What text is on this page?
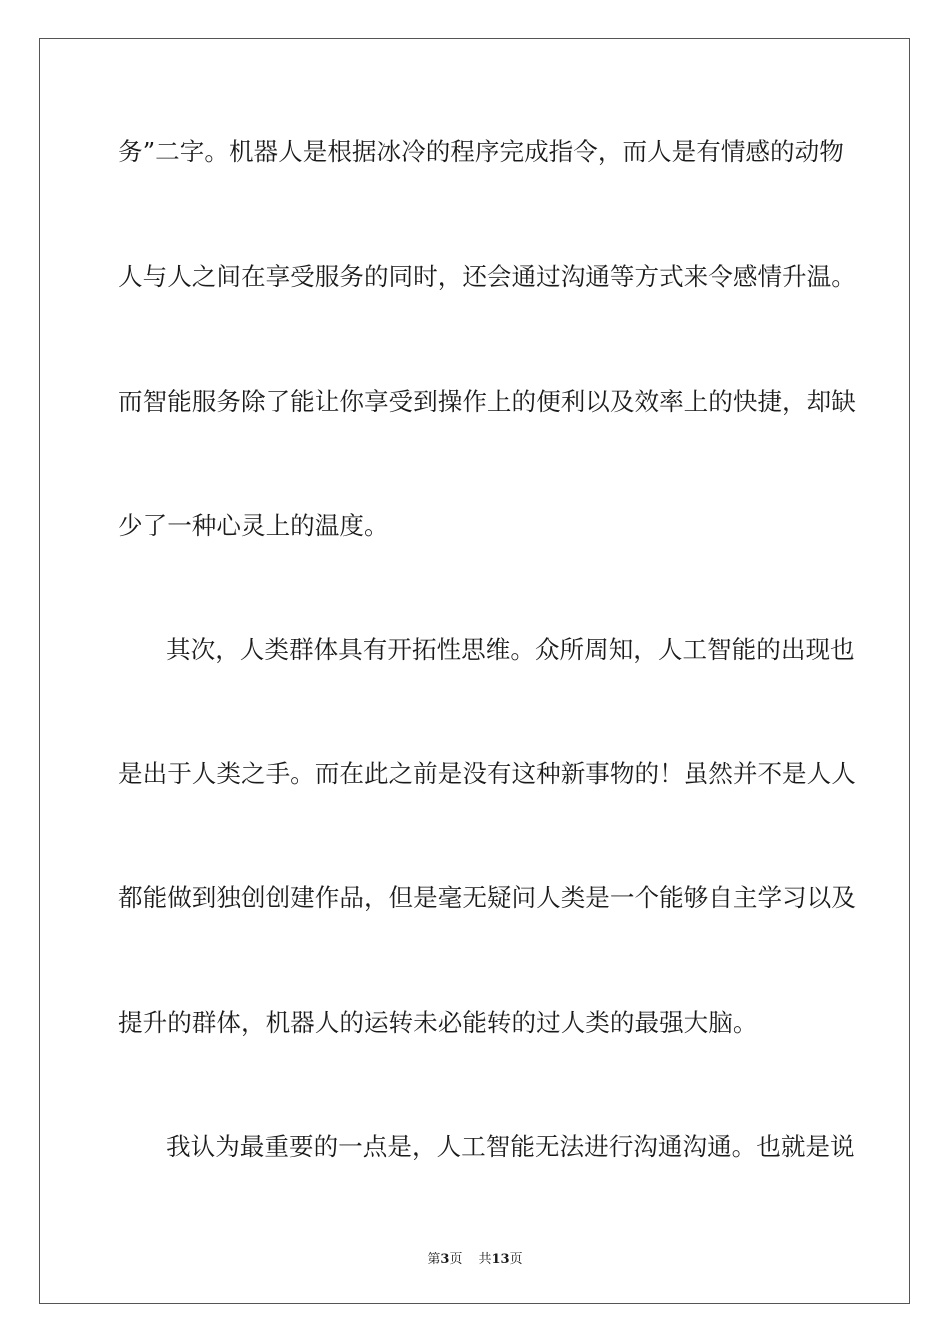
务”二字。机器人是根据冰冷的程序完成指令，而人是有情感的动物
人与人之间在享受服务的同时，还会通过沟通等方式来令感情升温。
而智能服务除了能让你享受到操作上的便利以及效率上的快捷，却缺
少了一种心灵上的温度。
其次，人类群体具有开拓性思维。众所周知，人工智能的出现也
是出于人类之手。而在此之前是没有这种新事物的！虽然并不是人人
都能做到独创创建作品，但是毫无疑问人类是一个能够自主学习以及
提升的群体，机器人的运转未必能转的过人类的最强大脑。
我认为最重要的一点是，人工智能无法进行沟通沟通。也就是说
第3页 共13页
